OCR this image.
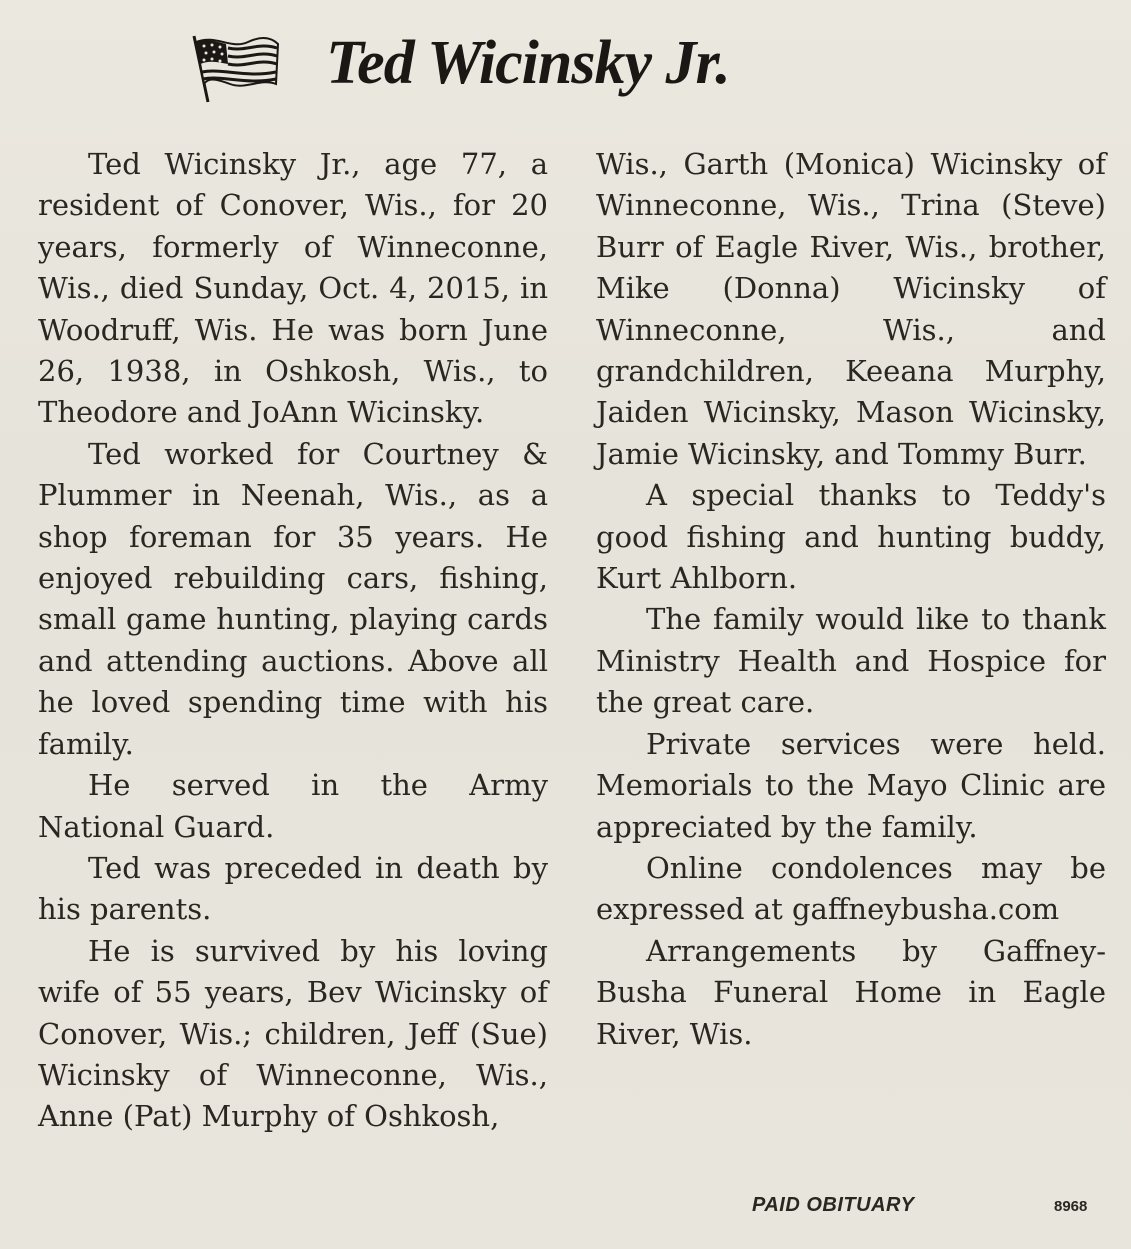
Ted Wicinsky Jr.

Ted Wicinsky Jr., age 77, a resident of Conover, Wis., for 20 years, formerly of Winneconne, Wis., died Sunday, Oct. 4, 2015, in Woodruff, Wis. He was born June 26, 1938, in Oshkosh, Wis., to Theodore and JoAnn Wicinsky.

Ted worked for Courtney & Plummer in Neenah, Wis., as a shop foreman for 35 years. He enjoyed rebuilding cars, fishing, small game hunting, playing cards and attending auctions. Above all he loved spending time with his family.

He served in the Army National Guard.

Ted was preceded in death by his parents.

He is survived by his loving wife of 55 years, Bev Wicinsky of Conover, Wis.; children, Jeff (Sue) Wicinsky of Winneconne, Wis., Anne (Pat) Murphy of Oshkosh,

Wis., Garth (Monica) Wicinsky of Winneconne, Wis., Trina (Steve) Burr of Eagle River, Wis., brother, Mike (Donna) Wicinsky of Winneconne, Wis., and grandchildren, Keeana Murphy, Jaiden Wicinsky, Mason Wicinsky, Jamie Wicinsky, and Tommy Burr.

A special thanks to Teddy's good fishing and hunting buddy, Kurt Ahlborn.

The family would like to thank Ministry Health and Hospice for the great care.

Private services were held. Memorials to the Mayo Clinic are appreciated by the family.

Online condolences may be expressed at gaffneybusha.com

Arrangements by Gaffney-Busha Funeral Home in Eagle River, Wis.

PAID OBITUARY	8968
